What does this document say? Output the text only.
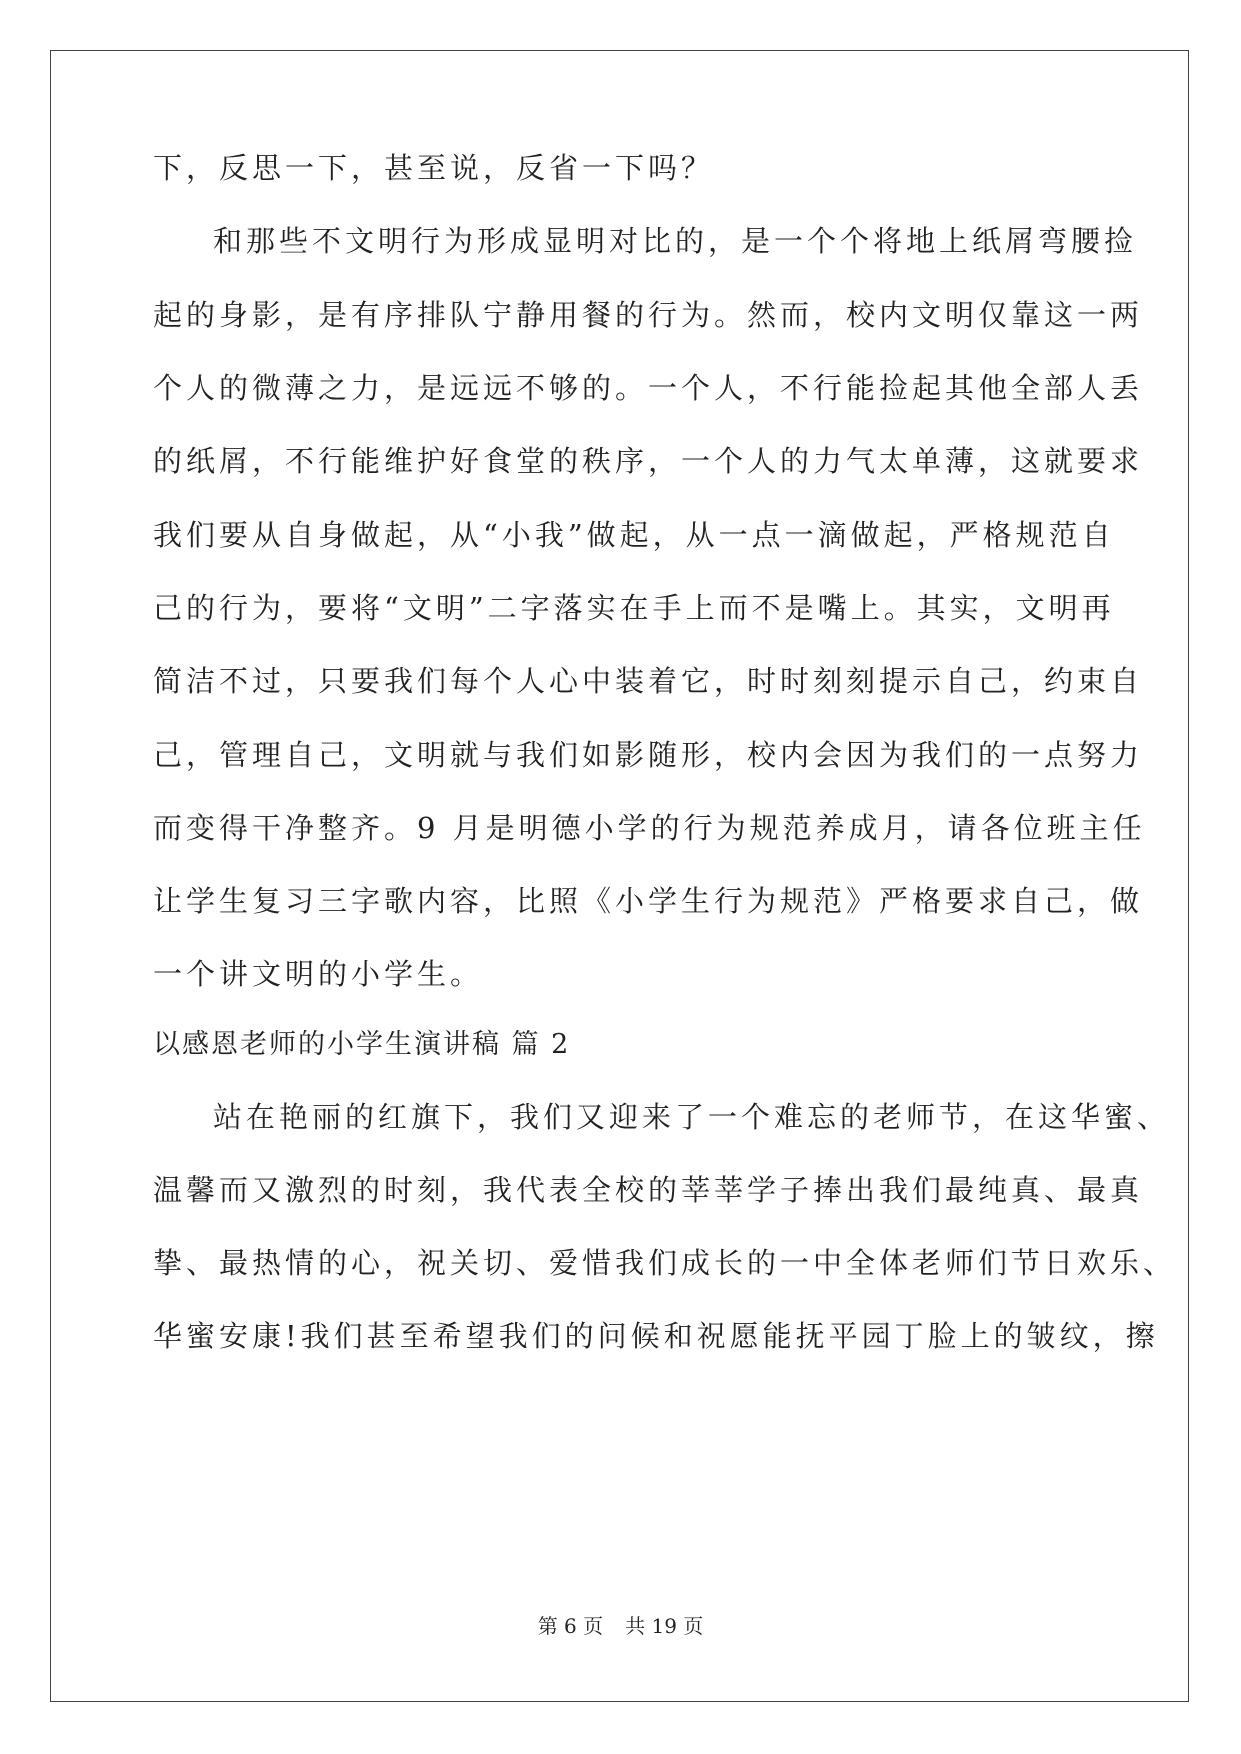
下，反思一下，甚至说，反省一下吗？
和那些不文明行为形成显明对比的，是一个个将地上纸屑弯腰捡
起的身影，是有序排队宁静用餐的行为。然而，校内文明仅靠这一两
个人的微薄之力，是远远不够的。一个人，不行能捡起其他全部人丢
的纸屑，不行能维护好食堂的秩序，一个人的力气太单薄，这就要求
我们要从自身做起，从“小我”做起，从一点一滴做起，严格规范自
己的行为，要将“文明”二字落实在手上而不是嘴上。其实，文明再
简洁不过，只要我们每个人心中装着它，时时刻刻提示自己，约束自
己，管理自己，文明就与我们如影随形，校内会因为我们的一点努力
而变得干净整齐。9 月是明德小学的行为规范养成月，请各位班主任
让学生复习三字歌内容，比照《小学生行为规范》严格要求自己，做
一个讲文明的小学生。
以感恩老师的小学生演讲稿 篇 2
站在艳丽的红旗下，我们又迎来了一个难忘的老师节，在这华蜜、
温馨而又激烈的时刻，我代表全校的莘莘学子捧出我们最纯真、最真
挚、最热情的心，祝关切、爱惜我们成长的一中全体老师们节日欢乐、
华蜜安康!我们甚至希望我们的问候和祝愿能抚平园丁脸上的皱纹，擦
第 6 页 共 19 页
